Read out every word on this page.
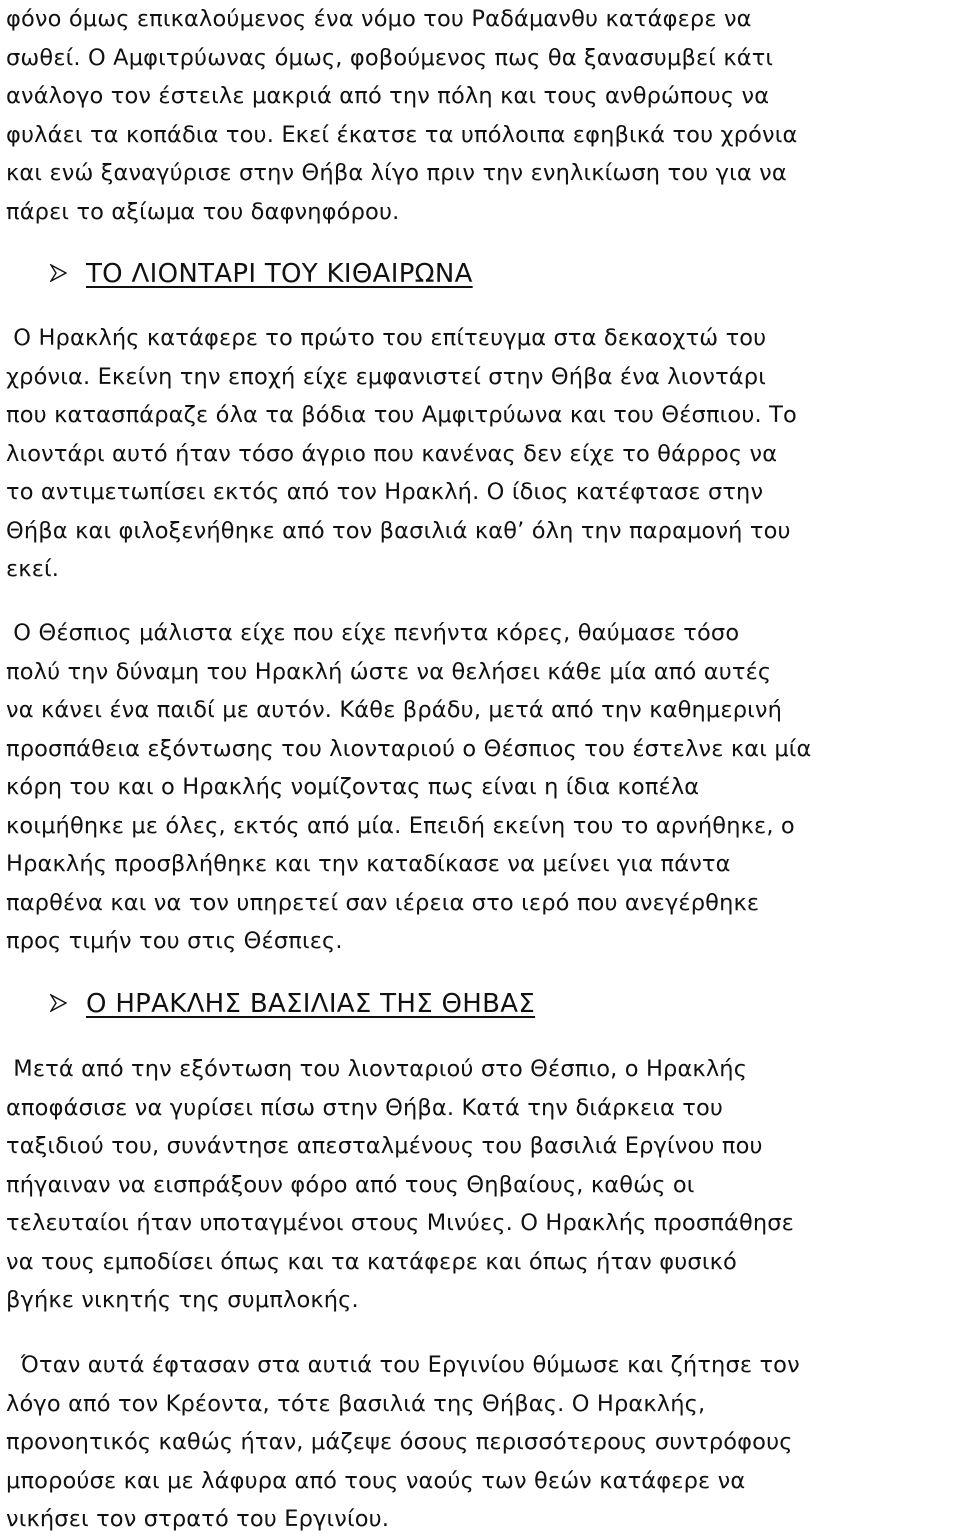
φόνο όμως επικαλούμενος ένα νόμο του Ραδάμανθυ κατάφερε να
σωθεί. Ο Αμφιτρύωνας όμως, φοβούμενος πως θα ξανασυμβεί κάτι
ανάλογο τον έστειλε μακριά από την πόλη και τους ανθρώπους να
φυλάει τα κοπάδια του. Εκεί έκατσε τα υπόλοιπα εφηβικά του χρόνια
και ενώ ξαναγύρισε στην Θήβα λίγο πριν την ενηλικίωση του για να
πάρει το αξίωμα του δαφνηφόρου.

ΤΟ ΛΙΟΝΤΑΡΙ ΤΟΥ ΚΙΘΑΙΡΩΝΑ

Ο Ηρακλής κατάφερε το πρώτο του επίτευγμα στα δεκαοχτώ του
χρόνια. Εκείνη την εποχή είχε εμφανιστεί στην Θήβα ένα λιοντάρι
που κατασπάραζε όλα τα βόδια του Αμφιτρύωνα και του Θέσπιου. Το
λιοντάρι αυτό ήταν τόσο άγριο που κανένας δεν είχε το θάρρος να
το αντιμετωπίσει εκτός από τον Ηρακλή. Ο ίδιος κατέφτασε στην
Θήβα και φιλοξενήθηκε από τον βασιλιά καθ’ όλη την παραμονή του
εκεί.

Ο Θέσπιος μάλιστα είχε που είχε πενήντα κόρες, θαύμασε τόσο
πολύ την δύναμη του Ηρακλή ώστε να θελήσει κάθε μία από αυτές
να κάνει ένα παιδί με αυτόν. Κάθε βράδυ, μετά από την καθημερινή
προσπάθεια εξόντωσης του λιονταριού ο Θέσπιος του έστελνε και μία
κόρη του και ο Ηρακλής νομίζοντας πως είναι η ίδια κοπέλα
κοιμήθηκε με όλες, εκτός από μία. Επειδή εκείνη του το αρνήθηκε, ο
Ηρακλής προσβλήθηκε και την καταδίκασε να μείνει για πάντα
παρθένα και να τον υπηρετεί σαν ιέρεια στο ιερό που ανεγέρθηκε
προς τιμήν του στις Θέσπιες.

Ο ΗΡΑΚΛΗΣ ΒΑΣΙΛΙΑΣ ΤΗΣ ΘΗΒΑΣ

Μετά από την εξόντωση του λιονταριού στο Θέσπιο, ο Ηρακλής
αποφάσισε να γυρίσει πίσω στην Θήβα. Κατά την διάρκεια του
ταξιδιού του, συνάντησε απεσταλμένους του βασιλιά Εργίνου που
πήγαιναν να εισπράξουν φόρο από τους Θηβαίους, καθώς οι
τελευταίοι ήταν υποταγμένοι στους Μινύες. Ο Ηρακλής προσπάθησε
να τους εμποδίσει όπως και τα κατάφερε και όπως ήταν φυσικό
βγήκε νικητής της συμπλοκής.

Όταν αυτά έφτασαν στα αυτιά του Εργινίου θύμωσε και ζήτησε τον
λόγο από τον Κρέοντα, τότε βασιλιά της Θήβας. Ο Ηρακλής,
προνοητικός καθώς ήταν, μάζεψε όσους περισσότερους συντρόφους
μπορούσε και με λάφυρα από τους ναούς των θεών κατάφερε να
νικήσει τον στρατό του Εργινίου.
